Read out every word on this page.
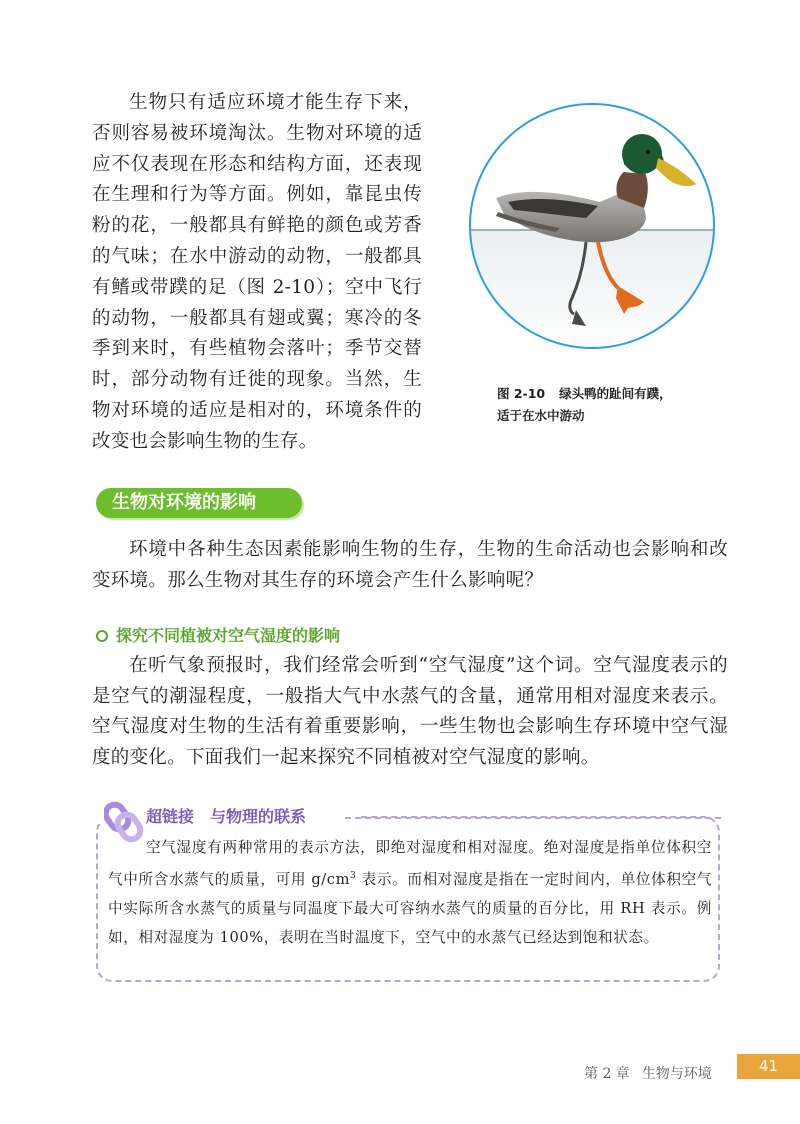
生物只有适应环境才能生存下来，否则容易被环境淘汰。生物对环境的适应不仅表现在形态和结构方面，还表现在生理和行为等方面。例如，靠昆虫传粉的花，一般都具有鲜艳的颜色或芳香的气味；在水中游动的动物，一般都具有鳍或带蹼的足（图 2-10）；空中飞行的动物，一般都具有翅或翼；寒冷的冬季到来时，有些植物会落叶；季节交替时，部分动物有迁徙的现象。当然，生物对环境的适应是相对的，环境条件的改变也会影响生物的生存。

图 2-10 绿头鸭的趾间有蹼，
适于在水中游动
生物对环境的影响

环境中各种生态因素能影响生物的生存，生物的生命活动也会影响和改变环境。那么生物对其生存的环境会产生什么影响呢？

探究不同植被对空气湿度的影响

在听气象预报时，我们经常会听到“空气湿度”这个词。空气湿度表示的是空气的潮湿程度，一般指大气中水蒸气的含量，通常用相对湿度来表示。空气湿度对生物的生活有着重要影响，一些生物也会影响生存环境中空气湿度的变化。下面我们一起来探究不同植被对空气湿度的影响。

超链接 与物理的联系

空气湿度有两种常用的表示方法，即绝对湿度和相对湿度。绝对湿度是指单位体积空气中所含水蒸气的质量，可用 $g/cm^3$ 表示。而相对湿度是指在一定时间内，单位体积空气中实际所含水蒸气的质量与同温度下最大可容纳水蒸气的质量的百分比，用 RH 表示。例如，相对湿度为 100%，表明在当时温度下，空气中的水蒸气已经达到饱和状态。

第 2 章 生物与环境	41
